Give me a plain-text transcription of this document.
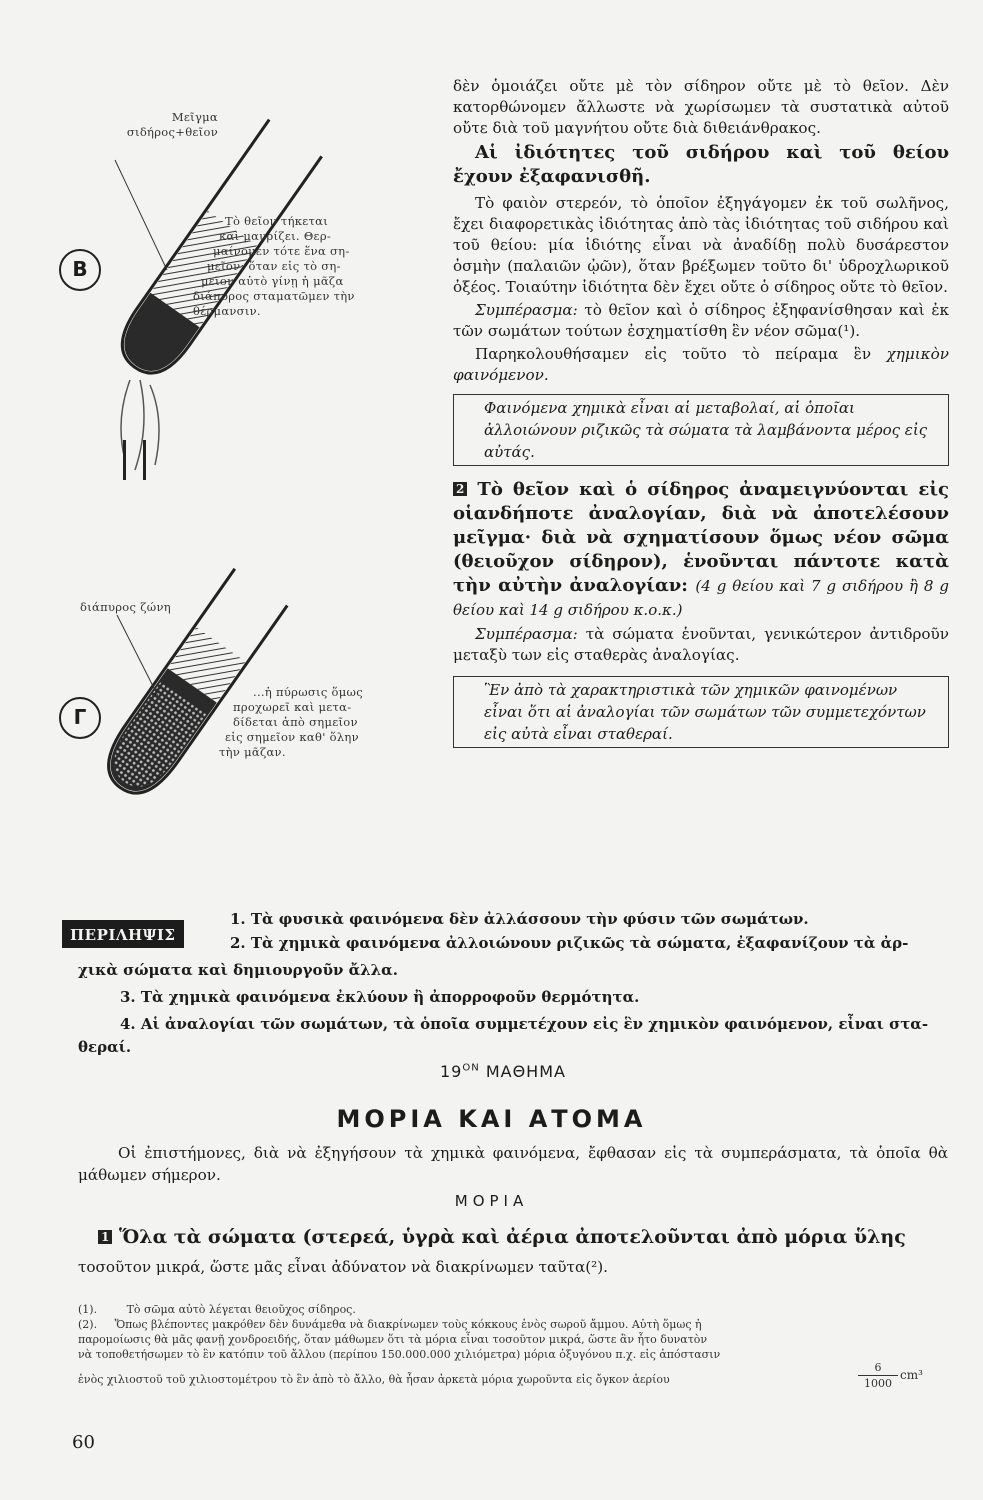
Β
Μεῖγμα
σιδήρος+θεῖον
Τὸ θεῖον τήκεται
καὶ μαυρίζει. Θερ-
μαίνομεν τότε ἕνα ση-
μεῖον: ὅταν εἰς τὸ ση-
μεῖον αὐτὸ γίνῃ ἡ μᾶζα
διάπυρος σταματῶμεν τὴν
θέρμανσιν.
Γ
διάπυρος ζώνη
...ἡ πύρωσις ὅμως
προχωρεῖ καὶ μετα-
δίδεται ἀπὸ σημεῖον
εἰς σημεῖον καθ' ὅλην
τὴν μᾶζαν.

δὲν ὁμοιάζει οὔτε μὲ τὸν σίδηρον οὔτε μὲ τὸ θεῖον. Δὲν κατορθώνομεν ἄλλωστε νὰ χωρίσωμεν τὰ συστατικὰ αὐτοῦ οὔτε διὰ τοῦ μαγνήτου οὔτε διὰ διθειάνθρακος.

Αἱ ἰδιότητες τοῦ σιδήρου καὶ τοῦ θείου ἔχουν ἐξαφανισθῆ.

Τὸ φαιὸν στερεόν, τὸ ὁποῖον ἐξηγάγομεν ἐκ τοῦ σωλῆνος, ἔχει διαφορετικὰς ἰδιότητας ἀπὸ τὰς ἰδιότητας τοῦ σιδήρου καὶ τοῦ θείου: μία ἰδιότης εἶναι νὰ ἀναδίδῃ πολὺ δυσάρεστον ὀσμὴν (παλαιῶν ᾠῶν), ὅταν βρέξωμεν τοῦτο δι' ὑδροχλωρικοῦ ὀξέος. Τοιαύτην ἰδιότητα δὲν ἔχει οὔτε ὁ σίδηρος οὔτε τὸ θεῖον.

Συμπέρασμα: τὸ θεῖον καὶ ὁ σίδηρος ἐξηφανίσθησαν καὶ ἐκ τῶν σωμάτων τούτων ἐσχηματίσθη ἓν νέον σῶμα(¹).

Παρηκολουθήσαμεν εἰς τοῦτο τὸ πείραμα ἓν χημικὸν φαινόμενον.

Φαινόμενα χημικὰ εἶναι αἱ μεταβολαί, αἱ ὁποῖαι ἀλλοιώνουν ριζικῶς τὰ σώματα τὰ λαμβάνοντα μέρος εἰς αὐτάς.

2 Τὸ θεῖον καὶ ὁ σίδηρος ἀναμειγνύονται εἰς οἱανδήποτε ἀναλογίαν, διὰ νὰ ἀποτελέσουν μεῖγμα· διὰ νὰ σχηματίσουν ὅμως νέον σῶμα (θειοῦχον σίδηρον), ἑνοῦνται πάντοτε κατὰ τὴν αὐτὴν ἀναλογίαν: (4 g θείου καὶ 7 g σιδήρου ἢ 8 g θείου καὶ 14 g σιδήρου κ.ο.κ.)

Συμπέρασμα: τὰ σώματα ἑνοῦνται, γενικώτερον ἀντιδροῦν μεταξὺ των εἰς σταθερὰς ἀναλογίας.

Ἓν ἀπὸ τὰ χαρακτηριστικὰ τῶν χημικῶν φαινομένων εἶναι ὅτι αἱ ἀναλογίαι τῶν σωμάτων τῶν συμμετεχόντων εἰς αὐτὰ εἶναι σταθεραί.
ΠΕΡΙΛΗΨΙΣ
1. Τὰ φυσικὰ φαινόμενα δὲν ἀλλάσσουν τὴν φύσιν τῶν σωμάτων.
2. Τὰ χημικὰ φαινόμενα ἀλλοιώνουν ριζικῶς τὰ σώματα, ἐξαφανίζουν τὰ ἀρ-
χικὰ σώματα καὶ δημιουργοῦν ἄλλα.
3. Τὰ χημικὰ φαινόμενα ἐκλύουν ἢ ἀπορροφοῦν θερμότητα.
4. Αἱ ἀναλογίαι τῶν σωμάτων, τὰ ὁποῖα συμμετέχουν εἰς ἓν χημικὸν φαινόμενον, εἶναι στα-
θεραί.
$19^{ON}$ ΜΑΘΗΜΑ
ΜΟΡΙΑ ΚΑΙ ΑΤΟΜΑ
Οἱ ἐπιστήμονες, διὰ νὰ ἐξηγήσουν τὰ χημικὰ φαινόμενα, ἔφθασαν εἰς τὰ συμπεράσματα, τὰ ὁποῖα θὰ μάθωμεν σήμερον.
ΜΟΡΙΑ
1 Ὅλα τὰ σώματα (στερεά, ὑγρὰ καὶ ἀέρια ἀποτελοῦνται ἀπὸ μόρια ὕλης
τοσοῦτον μικρά, ὥστε μᾶς εἶναι ἀδύνατον νὰ διακρίνωμεν ταῦτα(²).
(1).	Τὸ σῶμα αὐτὸ λέγεται θειοῦχος σίδηρος.
(2). Ὅπως βλέποντες μακρόθεν δὲν δυνάμεθα νὰ διακρίνωμεν τοὺς κόκκους ἑνὸς σωροῦ ἄμμου. Αὐτὴ ὅμως ἡ
παρομοίωσις θὰ μᾶς φανῇ χονδροειδής, ὅταν μάθωμεν ὅτι τὰ μόρια εἶναι τοσοῦτον μικρά, ὥστε ἂν ἦτο δυνατὸν
νὰ τοποθετήσωμεν τὸ ἓν κατόπιν τοῦ ἄλλου (περίπου 150.000.000 χιλιόμετρα) μόρια ὀξυγόνου π.χ. εἰς ἀπόστασιν
ἑνὸς χιλιοστοῦ τοῦ χιλιοστομέτρου τὸ ἓν ἀπὸ τὸ ἄλλο, θὰ ἦσαν ἀρκετὰ μόρια χωροῦντα εἰς ὄγκον ἀερίου	$\frac{6}{1000} cm^3$
60
